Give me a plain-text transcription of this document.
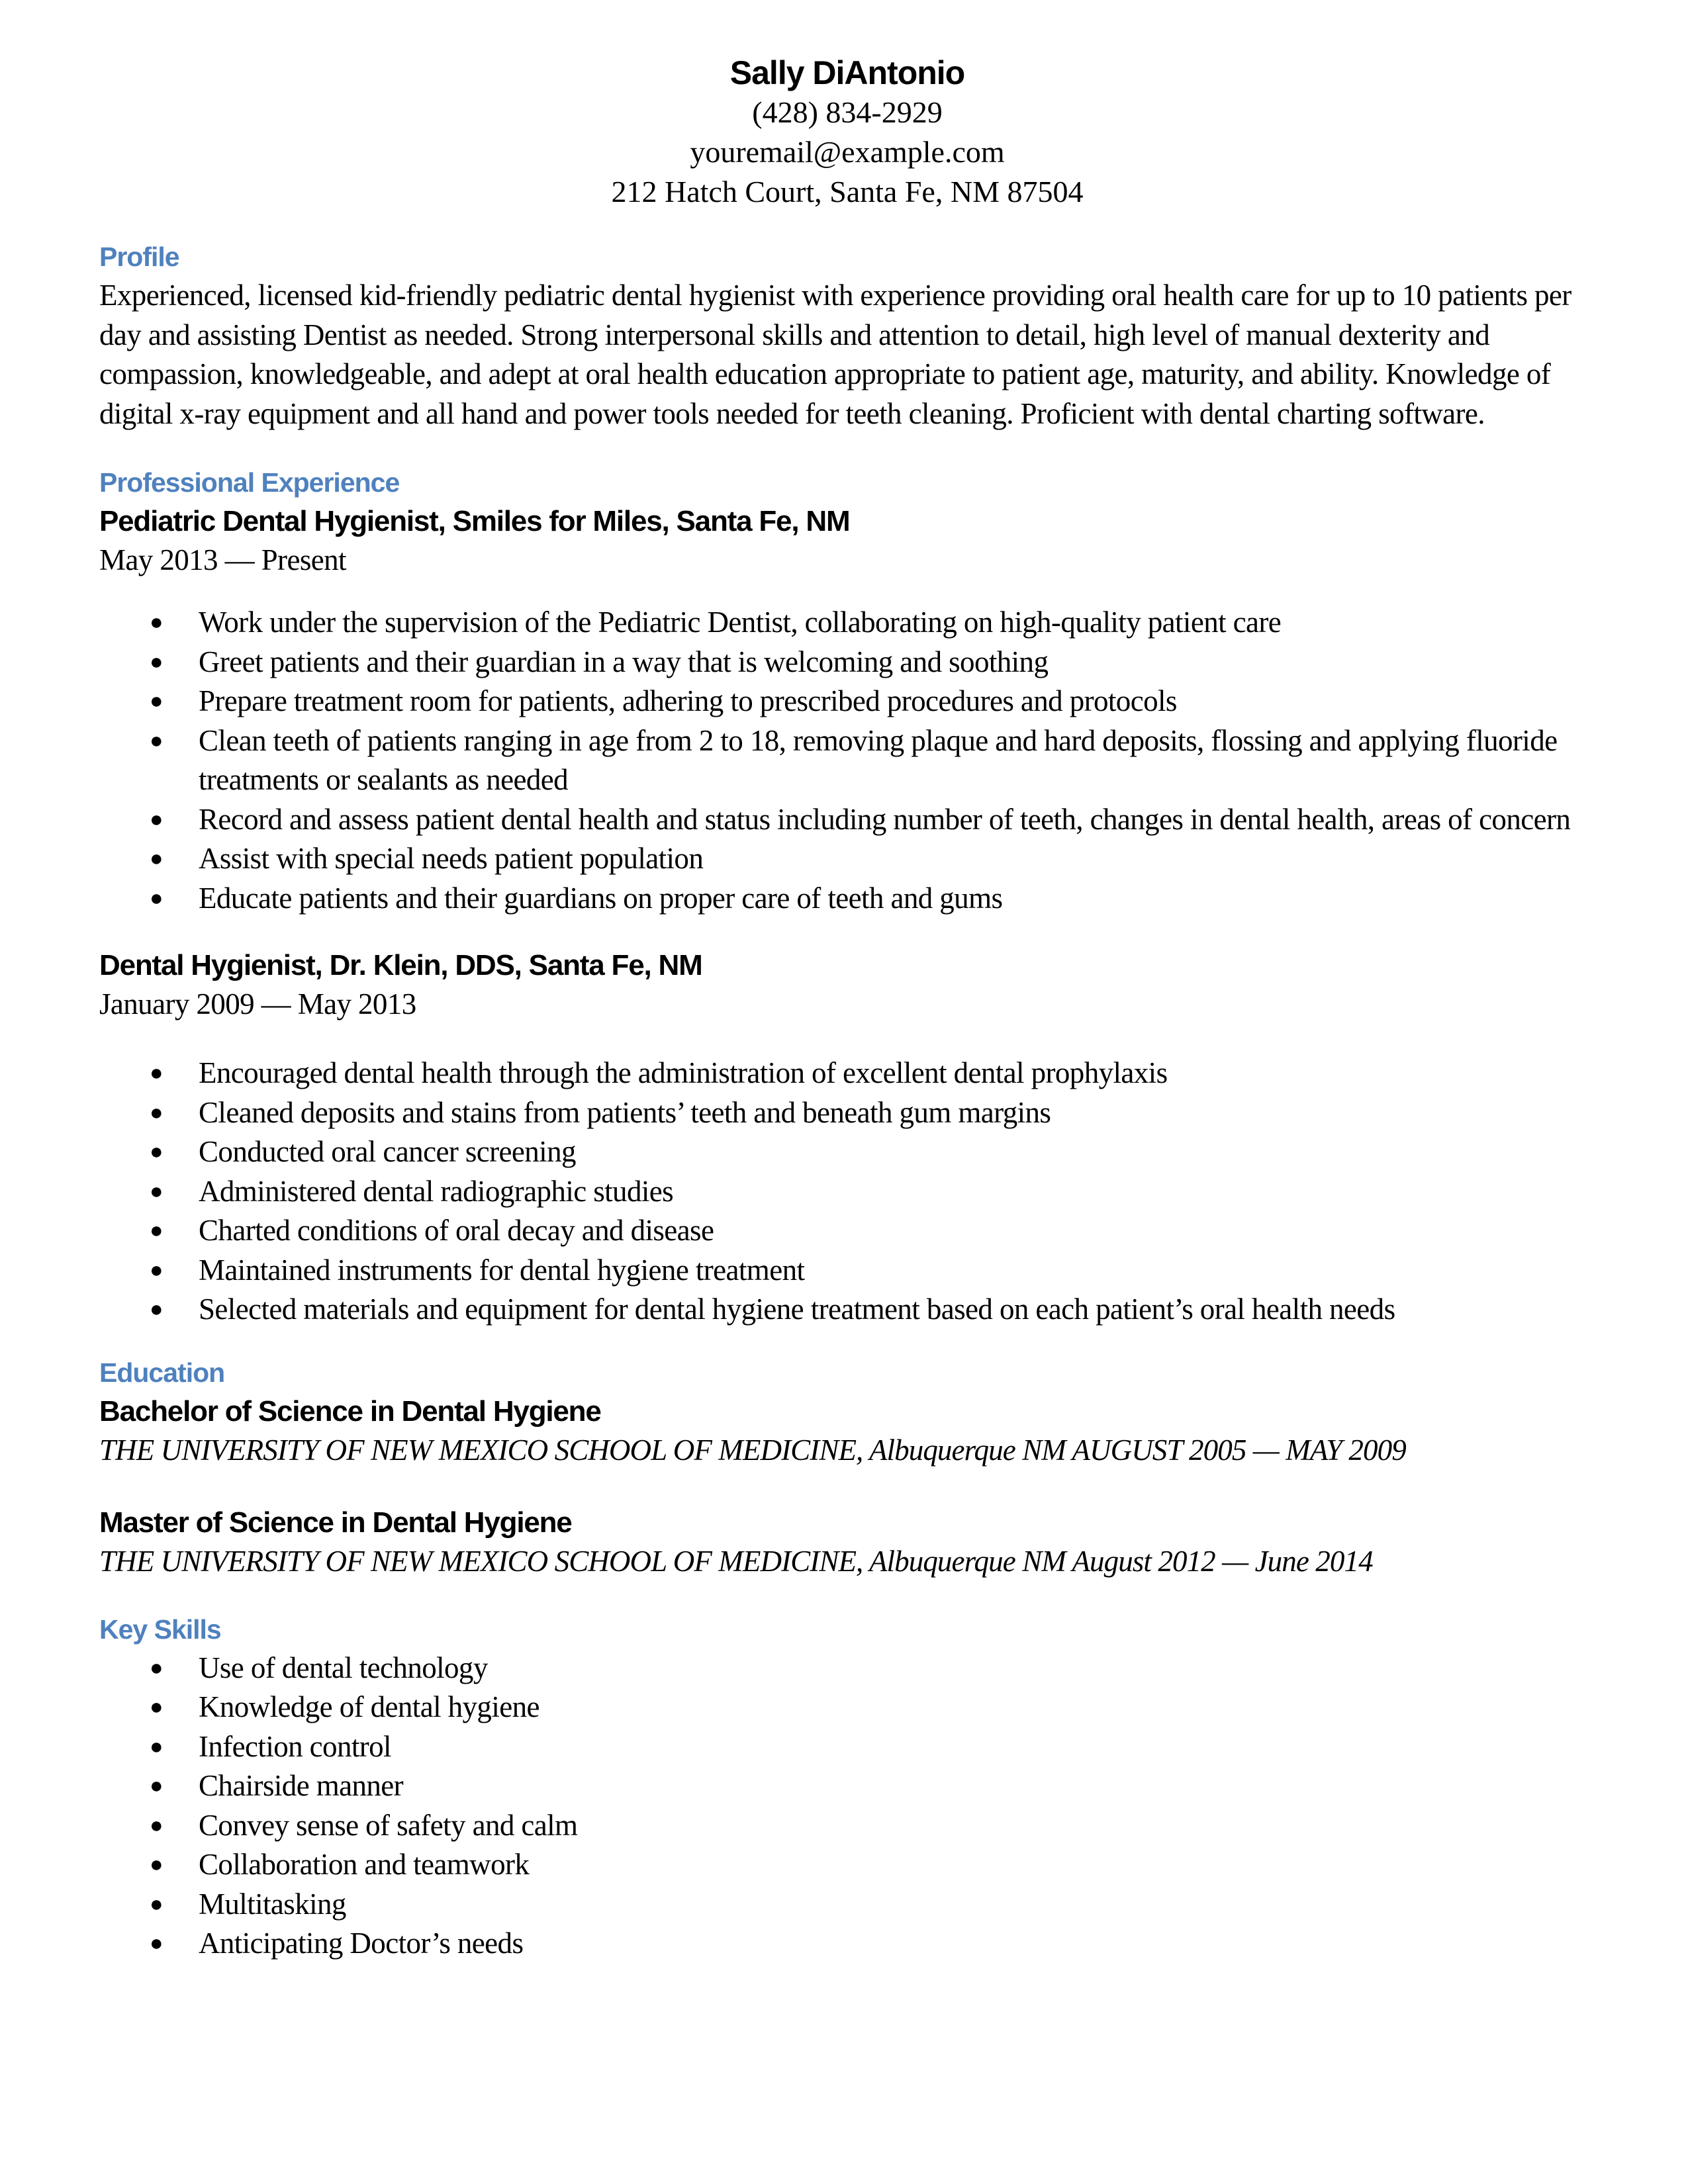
Sally DiAntonio
(428) 834-2929
youremail@example.com
212 Hatch Court, Santa Fe, NM 87504
Profile
Experienced, licensed kid-friendly pediatric dental hygienist with experience providing oral health care for up to 10 patients per day and assisting Dentist as needed. Strong interpersonal skills and attention to detail, high level of manual dexterity and compassion, knowledgeable, and adept at oral health education appropriate to patient age, maturity, and ability. Knowledge of digital x-ray equipment and all hand and power tools needed for teeth cleaning. Proficient with dental charting software.
Professional Experience
Pediatric Dental Hygienist, Smiles for Miles, Santa Fe, NM
May 2013 — Present
● Work under the supervision of the Pediatric Dentist, collaborating on high-quality patient care
● Greet patients and their guardian in a way that is welcoming and soothing
● Prepare treatment room for patients, adhering to prescribed procedures and protocols
● Clean teeth of patients ranging in age from 2 to 18, removing plaque and hard deposits, flossing and applying fluoride treatments or sealants as needed
● Record and assess patient dental health and status including number of teeth, changes in dental health, areas of concern
● Assist with special needs patient population
● Educate patients and their guardians on proper care of teeth and gums
Dental Hygienist, Dr. Klein, DDS, Santa Fe, NM
January 2009 — May 2013
● Encouraged dental health through the administration of excellent dental prophylaxis
● Cleaned deposits and stains from patients’ teeth and beneath gum margins
● Conducted oral cancer screening
● Administered dental radiographic studies
● Charted conditions of oral decay and disease
● Maintained instruments for dental hygiene treatment
● Selected materials and equipment for dental hygiene treatment based on each patient’s oral health needs
Education
Bachelor of Science in Dental Hygiene
THE UNIVERSITY OF NEW MEXICO SCHOOL OF MEDICINE, Albuquerque NM AUGUST 2005 — MAY 2009
Master of Science in Dental Hygiene
THE UNIVERSITY OF NEW MEXICO SCHOOL OF MEDICINE, Albuquerque NM August 2012 — June 2014
Key Skills
● Use of dental technology
● Knowledge of dental hygiene
● Infection control
● Chairside manner
● Convey sense of safety and calm
● Collaboration and teamwork
● Multitasking
● Anticipating Doctor’s needs
